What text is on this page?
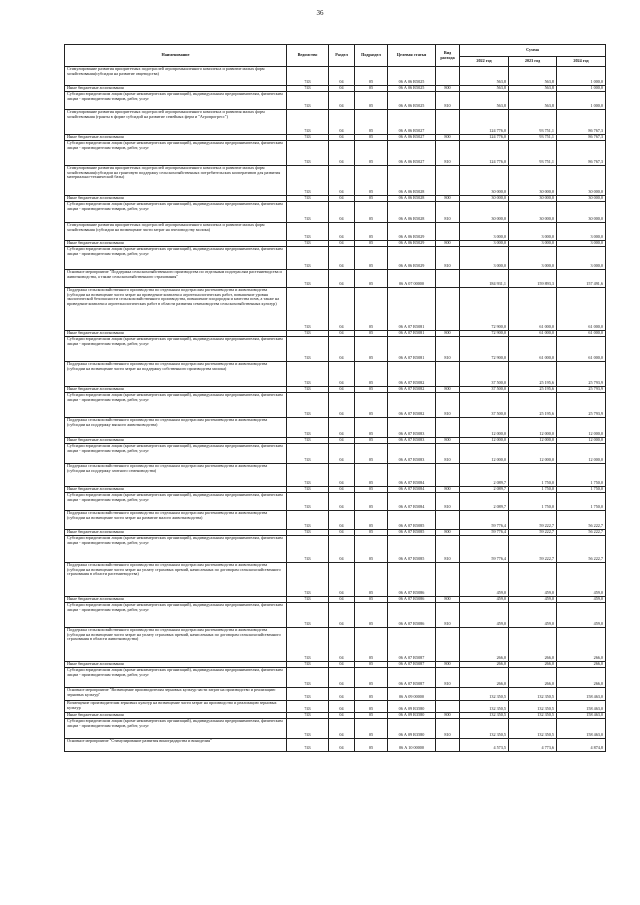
36
Наименование	Ведомство	Раздел	Подраздел	Целевая статья	Вид расхода	Сумма		
						2022 год	2023 год	2024 год
Стимулирование развития приоритетных подотраслей агропромышленного комплекса и развитие малых форм хозяйствования(субсидии на развитие овцеводства)	743	04	05	06 А 06 R5025		563,8	563,8	1 000,0
Иные бюджетные ассигнования	743	04	05	06 А 06 R5025	800	563,8	563,8	1 000,0
Субсидии юридическим лицам (кроме некоммерческих организаций), индивидуальным предпринимателям, физическим лицам - производителям товаров, работ, услуг	743	04	05	06 А 06 R5025	810	563,8	563,8	1 000,0
Стимулирование развития приоритетных подотраслей агропромышленного комплекса и развития малых форм хозяйствования (гранты в форме субсидий на развитие семейных ферм и "Агропрогресс")	743	04	05	06 А 06 R5027		124 776,0	93 751,1	86 767,3
Иные бюджетные ассигнования	743	04	05	06 А 06 R5027	800	124 776,0	93 751,1	86 767,3
Субсидии юридическим лицам (кроме некоммерческих организаций), индивидуальным предпринимателям, физическим лицам - производителям товаров, работ, услуг	743	04	05	06 А 06 R5027	810	124 776,0	93 751,1	86 767,3
Стимулирование развития приоритетных подотраслей агропромышленного комплекса и развитие малых форм хозяйствования(субсидии на грантовую поддержку сельскохозяйственных потребительских кооперативов для развития материально-технической базы)	743	04	05	06 А 06 R5028		30 000,0	30 000,0	30 000,0
Иные бюджетные ассигнования	743	04	05	06 А 06 R5028	800	30 000,0	30 000,0	30 000,0
Субсидии юридическим лицам (кроме некоммерческих организаций), индивидуальным предпринимателям, физическим лицам - производителям товаров, работ, услуг	743	04	05	06 А 06 R5028	810	30 000,0	30 000,0	30 000,0
Стимулирование развития приоритетных подотраслей агропромышленного комплекса и развитие малых форм хозяйствования (субсидии на возмещение части затрат на пчеловодству молока)	743	04	05	06 А 06 R5029		3 000,0	3 000,0	3 000,0
Иные бюджетные ассигнования	743	04	05	06 А 06 R5029	800	3 000,0	3 000,0	3 000,0
Субсидии юридическим лицам (кроме некоммерческих организаций), индивидуальным предпринимателям, физическим лицам - производителям товаров, работ, услуг	743	04	05	06 А 06 R5029	810	3 000,0	3 000,0	3 000,0
Основное мероприятие "Поддержка сельскохозяйственного производства по отдельным подотраслям растениеводства и животноводства, а также сельскохозяйственного страхования"	743	04	05	06 А 07 00000		184 931,1	159 893,3	157 491,6
Поддержка сельскохозяйственного производства по отдельным подотраслям растениеводства и животноводства (субсидии на возмещение части затрат на проведение комплекса агротехнологических работ, повышение уровня экологической безопасности сельскохозяйственного производства, повышение плодородия и качества почв, а также на проведение комплекса агротехнологических работ в области развития семеноводства сельскохозяйственных культур)	743	04	05	06 А 07 R5081		72 900,0	61 000,0	61 000,0
Иные бюджетные ассигнования	743	04	05	06 А 07 R5081	800	72 900,0	61 000,0	61 000,0
Субсидии юридическим лицам (кроме некоммерческих организаций), индивидуальным предпринимателям, физическим лицам - производителям товаров, работ, услуг	743	04	05	06 А 07 R5081	810	72 900,0	61 000,0	61 000,0
Поддержка сельскохозяйственного производства по отдельным подотраслям растениеводства и животноводства (субсидии на возмещение части затрат на поддержку собственного производства молока)	743	04	05	06 А 07 R5082		37 500,0	25 195,6	25 793,9
Иные бюджетные ассигнования	743	04	05	06 А 07 R5082	800	37 500,0	25 195,6	25 793,9
Субсидии юридическим лицам (кроме некоммерческих организаций), индивидуальным предпринимателям, физическим лицам - производителям товаров, работ, услуг	743	04	05	06 А 07 R5082	810	37 500,0	25 195,6	25 793,9
Поддержка сельскохозяйственного производства по отдельным подотраслям растениеводства и животноводства (субсидии на поддержку мясного животноводства)	743	04	05	06 А 07 R5083		12 000,0	12 000,0	12 000,0
Иные бюджетные ассигнования	743	04	05	06 А 07 R5083	800	12 000,0	12 000,0	12 000,0
Субсидии юридическим лицам (кроме некоммерческих организаций), индивидуальным предпринимателям, физическим лицам - производителям товаров, работ, услуг	743	04	05	06 А 07 R5083	810	12 000,0	12 000,0	12 000,0
Поддержка сельскохозяйственного производства по отдельным подотраслям растениеводства и животноводства (субсидии на поддержку элитного семеноводства)	743	04	05	06 А 07 R5084		2 089,7	1 750,0	1 750,0
Иные бюджетные ассигнования	743	04	05	06 А 07 R5084	800	2 089,7	1 750,0	1 750,0
Субсидии юридическим лицам (кроме некоммерческих организаций), индивидуальным предпринимателям, физическим лицам - производителям товаров, работ, услуг	743	04	05	06 А 07 R5084	810	2 089,7	1 750,0	1 750,0
Поддержка сельскохозяйственного производства по отдельным подотраслям растениеводства и животноводства (субсидии на возмещение части затрат на развитие малого животноводства)	743	04	05	06 А 07 R5085		59 776,4	59 222,7	56 222,7
Иные бюджетные ассигнования	743	04	05	06 А 07 R5085	800	59 776,4	59 222,7	56 222,7
Субсидии юридическим лицам (кроме некоммерческих организаций), индивидуальным предпринимателям, физическим лицам - производителям товаров, работ, услуг	743	04	05	06 А 07 R5085	810	59 776,4	59 222,7	56 222,7
Поддержка сельскохозяйственного производства по отдельным подотраслям растениеводства и животноводства (субсидии на возмещение части затрат на уплату страховых премий, начисленных по договорам сельскохозяйственного страхования в области растениеводства)	743	04	05	06 А 07 R5086		459,0	459,0	459,0
Иные бюджетные ассигнования	743	04	05	06 А 07 R5086	800	459,0	459,0	459,0
Субсидии юридическим лицам (кроме некоммерческих организаций), индивидуальным предпринимателям, физическим лицам - производителям товаров, работ, услуг	743	04	05	06 А 07 R5086	810	459,0	459,0	459,0
Поддержка сельскохозяйственного производства по отдельным подотраслям растениеводства и животноводства (субсидии на возмещение части затрат на уплату страховых премий, начисленных по договорам сельскохозяйственного страхования в области животноводства)	743	04	05	06 А 07 R5087		266,0	266,0	266,0
Иные бюджетные ассигнования	743	04	05	06 А 07 R5087	800	266,0	266,0	266,0
Субсидии юридическим лицам (кроме некоммерческих организаций), индивидуальным предпринимателям, физическим лицам - производителям товаров, работ, услуг	743	04	05	06 А 07 R5087	810	266,0	266,0	266,0
Основное мероприятие "Возмещение производителям зерновых культур части затрат на производство и реализацию зерновых культур"	743	04	05	06 А 09 00000		132 350,5	132 350,5	158 463,0
Возмещение производителям зерновых культур на возмещение части затрат на производство и реализацию зерновых культур	743	04	05	06 А 09 R3580		132 350,5	132 350,5	158 463,0
Иные бюджетные ассигнования	743	04	05	06 А 09 R3580	800	132 350,5	132 350,5	158 463,0
Субсидии юридическим лицам (кроме некоммерческих организаций), индивидуальным предпринимателям, физическим лицам - производителям товаров, работ, услуг	743	04	05	06 А 09 R3580	810	132 350,5	132 350,5	158 463,0
Основное мероприятие "Стимулирование развития виноградарства и виноделия"	743	04	05	06 А 10 00000		4 573,5	4 773,6	4 874,8
